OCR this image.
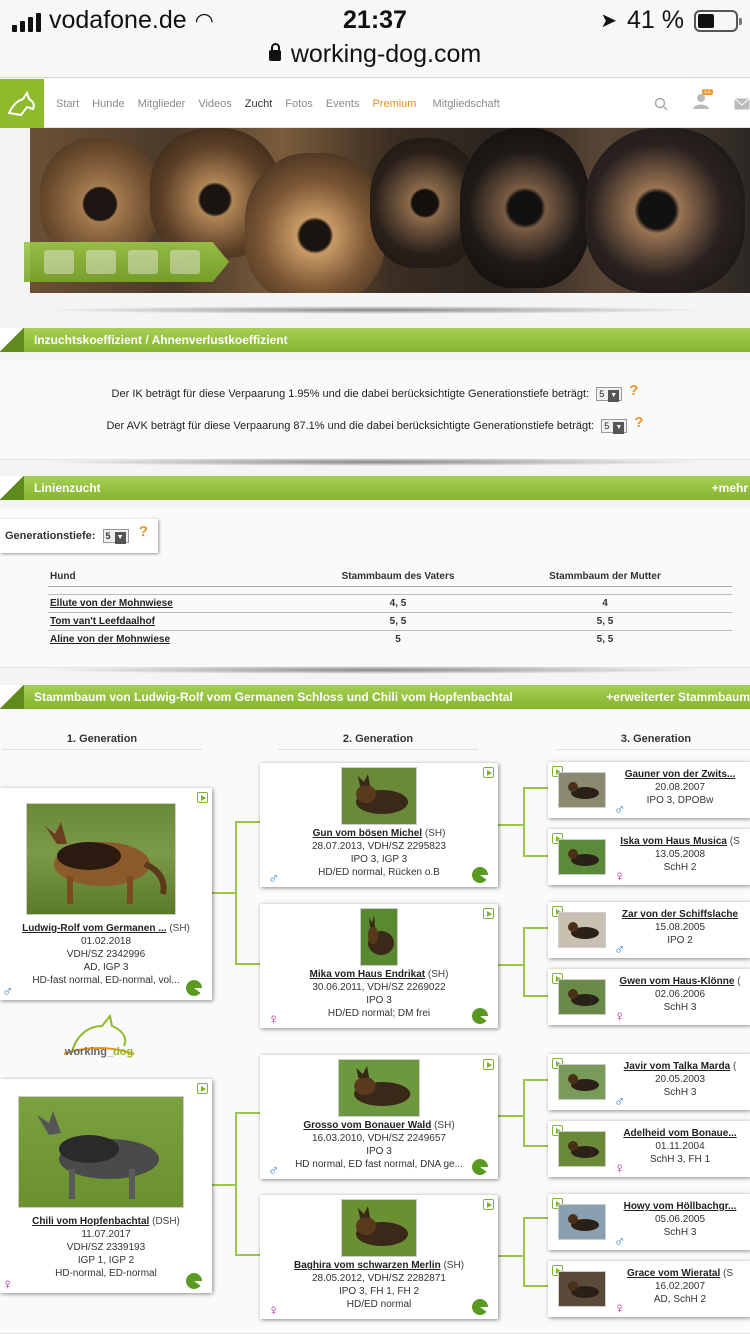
vodafone.de ◠	21:37	➤ 41 %
working-dog.com
Start Hunde Mitglieder Videos Zucht Fotos Events Premium Mitgliedschaft
12
Inzuchtskoeffizient / Ahnenverlustkoeffizient
Der IK beträgt für diese Verpaarung 1.95% und die dabei berücksichtigte Generationstiefe beträgt: 5 ▼ ?
Der AVK beträgt für diese Verpaarung 87.1% und die dabei berücksichtigte Generationstiefe beträgt: 5 ▼ ?
Linienzucht	+mehr
Generationstiefe: 5 ▼ ?
Hund	Stammbaum des Vaters	Stammbaum der Mutter

Ellute von der Mohnwiese	4, 5	4
Tom van't Leefdaalhof	5, 5	5, 5
Aline von der Mohnwiese	5	5, 5
Stammbaum von Ludwig-Rolf vom Germanen Schloss und Chili vom Hopfenbachtal	+erweiterter Stammbaum
1. Generation	2. Generation	3. Generation
Ludwig-Rolf vom Germanen ... (SH)
01.02.2018
VDH/SZ 2342996
AD, IGP 3
HD-fast normal, ED-normal, vol...
♂
working_dog
Chili vom Hopfenbachtal (DSH)
11.07.2017
VDH/SZ 2339193
IGP 1, IGP 2
HD-normal, ED-normal
♀
Gun vom bösen Michel (SH)
28.07.2013, VDH/SZ 2295823
IPO 3, IGP 3
HD/ED normal, Rücken o.B
♂
Mika vom Haus Endrikat (SH)
30.06.2011, VDH/SZ 2269022
IPO 3
HD/ED normal; DM frei
♀
Grosso vom Bonauer Wald (SH)
16.03.2010, VDH/SZ 2249657
IPO 3
HD normal, ED fast normal, DNA ge...
♂
Baghira vom schwarzen Merlin (SH)
28.05.2012, VDH/SZ 2282871
IPO 3, FH 1, FH 2
HD/ED normal
♀
Gauner von der Zwits...
20.08.2007
IPO 3, DPOBw
♂
Iska vom Haus Musica (S
13.05.2008
SchH 2
♀
Zar von der Schiffslache
15.08.2005
IPO 2
♂
Gwen vom Haus-Klönne (
02.06.2006
SchH 3
♀
Javir vom Talka Marda (
20.05.2003
SchH 3
♂
Adelheid vom Bonaue...
01.11.2004
SchH 3, FH 1
♀
Howy vom Höllbachgr...
05.06.2005
SchH 3
♂
Grace vom Wieratal (S
16.02.2007
AD, SchH 2
♀
